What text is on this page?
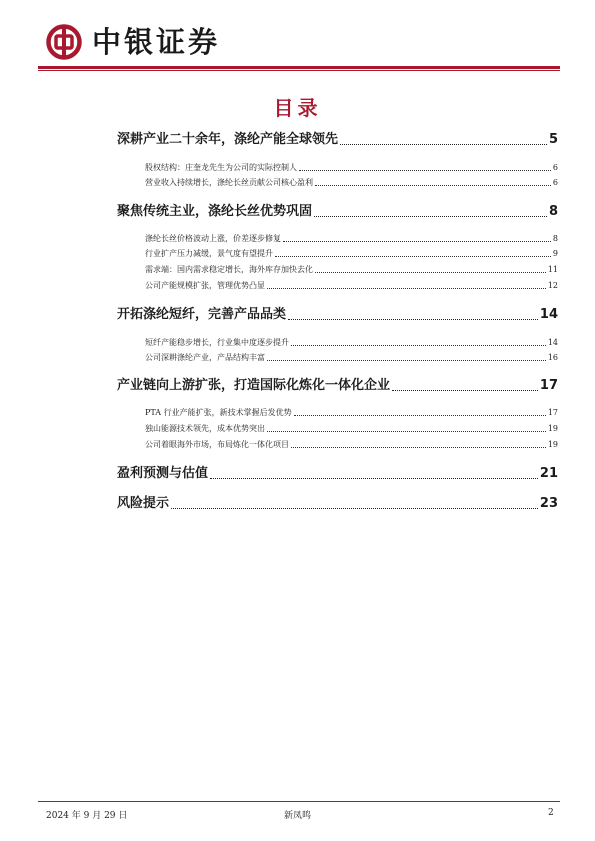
中银证券
目录
深耕产业二十余年，涤纶产能全球领先	5
股权结构：庄奎龙先生为公司的实际控制人	6
营业收入持续增长，涤纶长丝贡献公司核心盈利	6
聚焦传统主业，涤纶长丝优势巩固	8
涤纶长丝价格波动上涨，价差逐步修复	8
行业扩产压力减缓，景气度有望提升	9
需求端：国内需求稳定增长，海外库存加快去化	11
公司产能规模扩张，管理优势凸显	12
开拓涤纶短纤，完善产品品类	14
短纤产能稳步增长，行业集中度逐步提升	14
公司深耕涤纶产业，产品结构丰富	16
产业链向上游扩张，打造国际化炼化一体化企业	17
PTA 行业产能扩张，新技术掌握后发优势	17
独山能源技术领先，成本优势突出	19
公司着眼海外市场，布局炼化一体化项目	19
盈利预测与估值	21
风险提示	23
2024 年 9 月 29 日	新凤鸣	2
